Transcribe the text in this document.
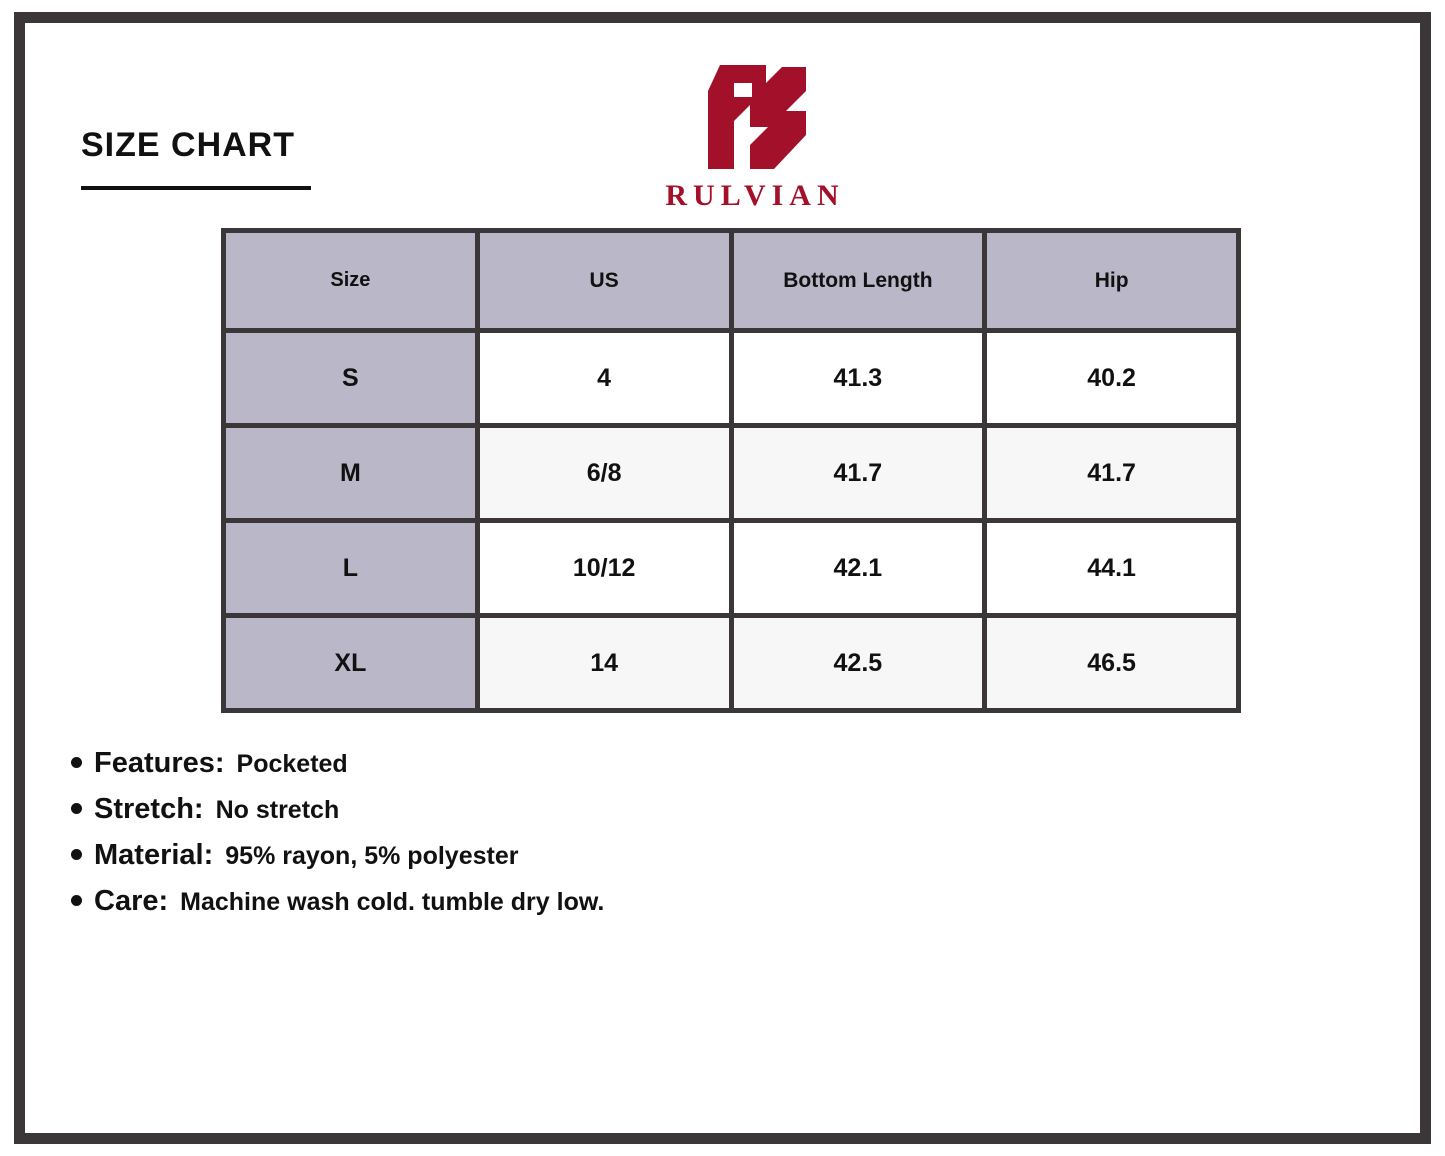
SIZE CHART
RULVIAN
Size	US	Bottom Length	Hip
S	4	41.3	40.2
M	6/8	41.7	41.7
L	10/12	42.1	44.1
XL	14	42.5	46.5
Features: Pocketed
Stretch: No stretch
Material: 95% rayon, 5% polyester
Care: Machine wash cold. tumble dry low.
